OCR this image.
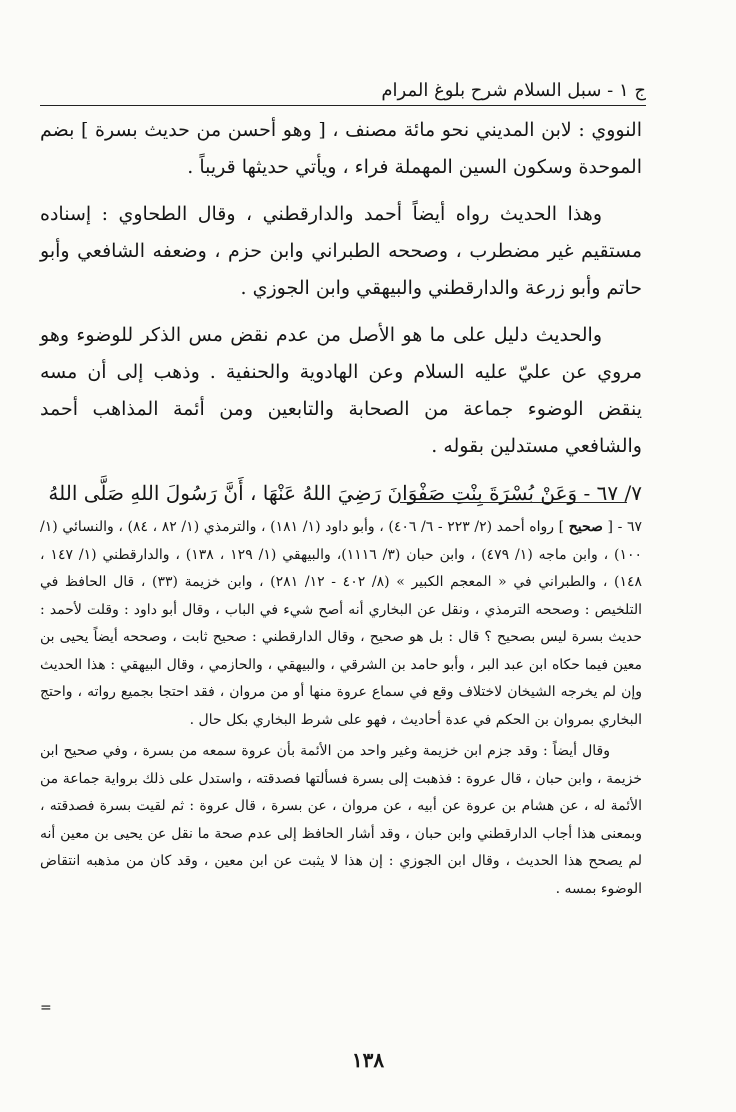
ج ١ - سبل السلام شرح بلوغ المرام

النووي : لابن المديني نحو مائة مصنف ، [ وهو أحسن من حديث بسرة ] بضم الموحدة وسكون السين المهملة فراء ، ويأتي حديثها قريباً .

وهذا الحديث رواه أيضاً أحمد والدارقطني ، وقال الطحاوي : إسناده مستقيم غير مضطرب ، وصححه الطبراني وابن حزم ، وضعفه الشافعي وأبو حاتم وأبو زرعة والدارقطني والبيهقي وابن الجوزي .

والحديث دليل على ما هو الأصل من عدم نقض مس الذكر للوضوء وهو مروي عن عليّ عليه السلام وعن الهادوية والحنفية . وذهب إلى أن مسه ينقض الوضوء جماعة من الصحابة والتابعين ومن أئمة المذاهب أحمد والشافعي مستدلين بقوله .

٧/ ٦٧ - وَعَنْ بُسْرَةَ بِنْتِ صَفْوَانَ رَضِيَ اللهُ عَنْهَا ، أَنَّ رَسُولَ اللهِ صَلَّى اللهُ

٦٧ - [ صحيح ] رواه أحمد (٢/ ٢٢٣ - ٦/ ٤٠٦) ، وأبو داود (١/ ١٨١) ، والترمذي (١/ ٨٢ ، ٨٤) ، والنسائي (١/ ١٠٠) ، وابن ماجه (١/ ٤٧٩) ، وابن حبان (٣/ ١١١٦)، والبيهقي (١/ ١٢٩ ، ١٣٨) ، والدارقطني (١/ ١٤٧ ، ١٤٨) ، والطبراني في « المعجم الكبير » (٨/ ٤٠٢ - ١٢/ ٢٨١) ، وابن خزيمة (٣٣) ، قال الحافظ في التلخيص : وصححه الترمذي ، ونقل عن البخاري أنه أصح شيء في الباب ، وقال أبو داود : وقلت لأحمد : حديث بسرة ليس بصحيح ؟ قال : بل هو صحيح ، وقال الدارقطني : صحيح ثابت ، وصححه أيضاً يحيى بن معين فيما حكاه ابن عبد البر ، وأبو حامد بن الشرقي ، والبيهقي ، والحازمي ، وقال البيهقي : هذا الحديث وإن لم يخرجه الشيخان لاختلاف وقع في سماع عروة منها أو من مروان ، فقد احتجا بجميع رواته ، واحتج البخاري بمروان بن الحكم في عدة أحاديث ، فهو على شرط البخاري بكل حال .

وقال أيضاً : وقد جزم ابن خزيمة وغير واحد من الأئمة بأن عروة سمعه من بسرة ، وفي صحيح ابن خزيمة ، وابن حبان ، قال عروة : فذهبت إلى بسرة فسألتها فصدقته ، واستدل على ذلك برواية جماعة من الأئمة له ، عن هشام بن عروة عن أبيه ، عن مروان ، عن بسرة ، قال عروة : ثم لقيت بسرة فصدقته ، وبمعنى هذا أجاب الدارقطني وابن حبان ، وقد أشار الحافظ إلى عدم صحة ما نقل عن يحيى بن معين أنه لم يصحح هذا الحديث ، وقال ابن الجوزي : إن هذا لا يثبت عن ابن معين ، وقد كان من مذهبه انتقاض الوضوء بمسه .

=
١٣٨
